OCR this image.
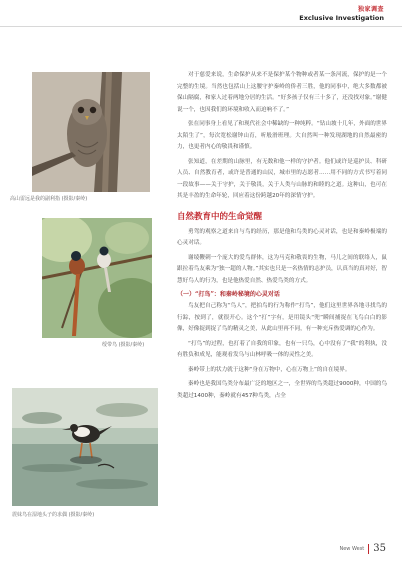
独家调查
Exclusive Investigation
高山雷远是我的副利指 (摄影/秦岭)
绶带鸟 (摄影/秦岭)
震妹鸟在湿地头子的求偶 (摄影/秦岭)

对于慈爱来说，生命保护从来不是保护某个物种或者某一条河流，保护的是一个完整的生境。当然也包括山上这腰守护秦岭的侨者三胜，他的同事中，绝大多数都被保山隔腐，和家人过着两地分居的生活。“好多孩子仅有三十多了，还没找对象。”谢健说一个，也因我们的环境和收入而迫响不了。”

张在同事身上看见了和现代社会中稀缺的一种纯粹。“钻山坡十几年，外面的世界太陌生了”，每次宽松谢钟山育，听般滑班理。大自然叫一种发现湖地的自然最密的力，也更者内心的敬畏和谨慎。

张知道，在差期的山脉里，有无数和他一样的守护者。他们或许是巡护员、科研人员、自然教育者，或许是普通的山民，城市里的志愿者……用不同的方式书写着同一段故事——关于守护，关于敬畏，关于人类与山脉的和睦的之道。这种山，也可在其是丰盈的生命年轮，回应着这份跨越20年的深情守护。

自然教育中的生命觉醒

勇驾的观察之道来自与鸟的经历，那是他和鸟类的心灵对话，也是和秦岭极端的心灵对话。

谢绫鞭刺一个庞大的爱鸟群体，这为马克和敬畏的生物，马儿之间的联络人，鼠跟拉着鸟友乘为“独一超的人物。”其实也只是一名热情的志护员，认真当的真对好，智慧好鸟人的行为，也是他热爱自然、热爱鸟类的方式。

（一）“打鸟”：和秦岭秘境的心灵对话

鸟友把自己称为“鸟人”，把拍鸟的行为称作“打鸟”，他们这里世界各地寻找鸟的行踪，按到了，就很开心。这个“打”字有，是用镜头“兜”瞬间捕捉在飞鸟白白的影像，好像捉到捉了鸟的精灵之美，从此山里再不同，有一种充斥热爱调的心作为。

“打鸟”的过程，也打着了自我的印象，也有一只鸟，心中没有了“我”的利执，没有胜负和成见，能观看发乌与山林呼吸一体的灵性之美。

秦岭带上的状力就于这种“身在万物中，心在万物上”的自在境界。

秦岭也是我国鸟类分布最广泛的地区之一，全世界的鸟类超过9000种，中国的鸟类超过1400种，秦岭就有457种鸟类，占全

New West 35
